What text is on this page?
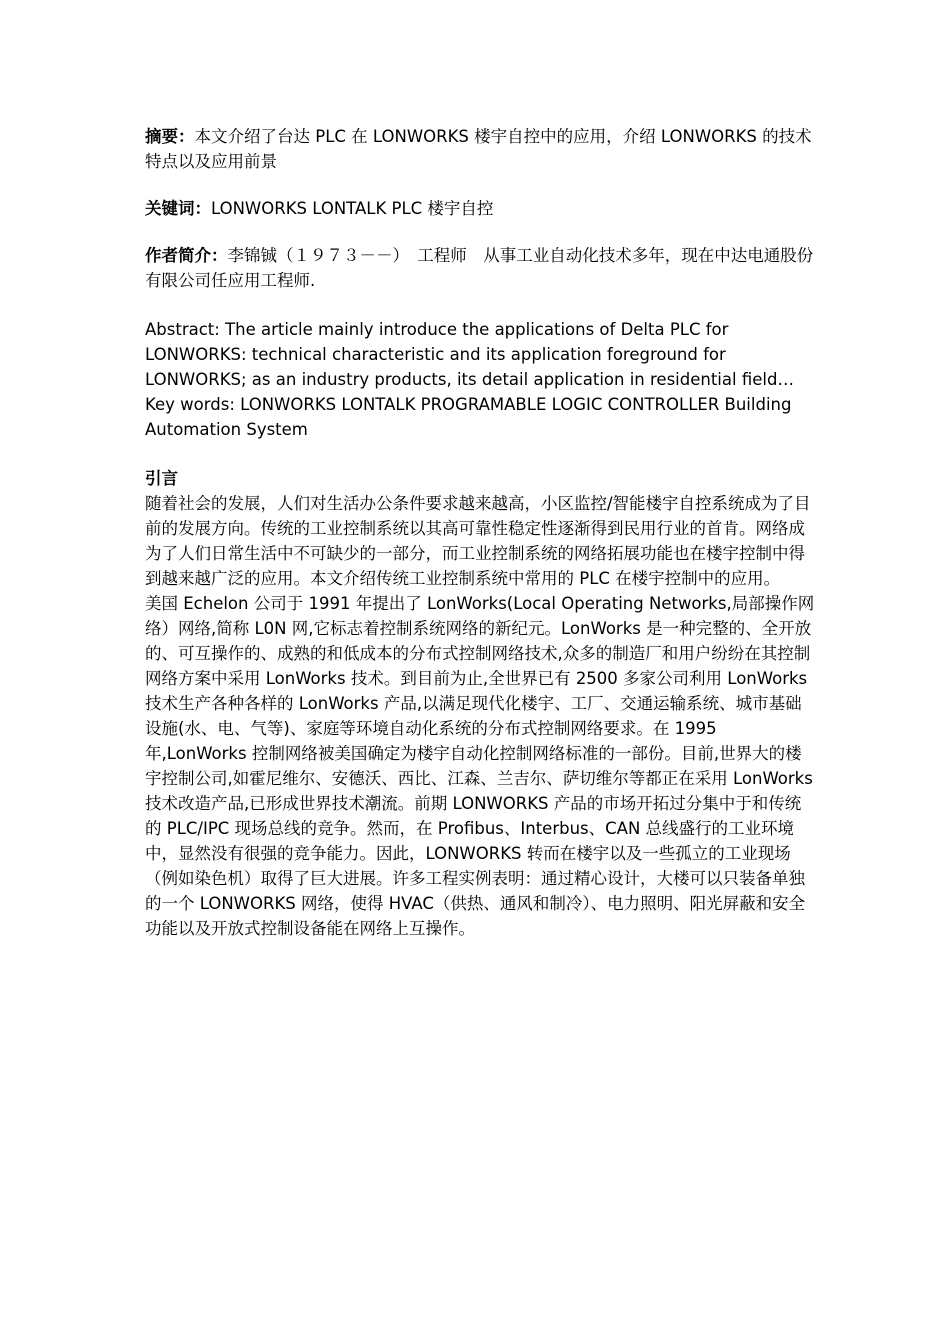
摘要：本文介绍了台达 PLC 在 LONWORKS 楼宇自控中的应用，介绍 LONWORKS 的技术特点以及应用前景

关键词：LONWORKS LONTALK PLC 楼宇自控

作者简介：李锦铖（１９７３－－）　工程师　从事工业自动化技术多年，现在中达电通股份有限公司任应用工程师.

Abstract: The article mainly introduce the applications of Delta PLC for LONWORKS: technical characteristic and its application foreground for LONWORKS; as an industry products, its detail application in residential field…

Key words: LONWORKS LONTALK PROGRAMABLE LOGIC CONTROLLER Building
Automation System

引言

随着社会的发展，人们对生活办公条件要求越来越高，小区监控/智能楼宇自控系统成为了目前的发展方向。传统的工业控制系统以其高可靠性稳定性逐渐得到民用行业的首肯。网络成为了人们日常生活中不可缺少的一部分，而工业控制系统的网络拓展功能也在楼宇控制中得到越来越广泛的应用。本文介绍传统工业控制系统中常用的 PLC 在楼宇控制中的应用。

美国 Echelon 公司于 1991 年提出了 LonWorks(Local Operating Networks,局部操作网络）网络,简称 L0N 网,它标志着控制系统网络的新纪元。LonWorks 是一种完整的、全开放的、可互操作的、成熟的和低成本的分布式控制网络技术,众多的制造厂和用户纷纷在其控制网络方案中采用 LonWorks 技术。到目前为止,全世界已有 2500 多家公司利用 LonWorks 技术生产各种各样的 LonWorks 产品,以满足现代化楼宇、工厂、交通运输系统、城市基础设施(水、电、气等)、家庭等环境自动化系统的分布式控制网络要求。在 1995 年,LonWorks 控制网络被美国确定为楼宇自动化控制网络标准的一部份。目前,世界大的楼宇控制公司,如霍尼维尔、安德沃、西比、江森、兰吉尔、萨切维尔等都正在采用 LonWorks 技术改造产品,已形成世界技术潮流。前期 LONWORKS 产品的市场开拓过分集中于和传统的 PLC/IPC 现场总线的竞争。然而，在 Profibus、Interbus、CAN 总线盛行的工业环境中，显然没有很强的竞争能力。因此，LONWORKS 转而在楼宇以及一些孤立的工业现场（例如染色机）取得了巨大进展。许多工程实例表明：通过精心设计，大楼可以只装备单独的一个 LONWORKS 网络，使得 HVAC（供热、通风和制冷）、电力照明、阳光屏蔽和安全功能以及开放式控制设备能在网络上互操作。
